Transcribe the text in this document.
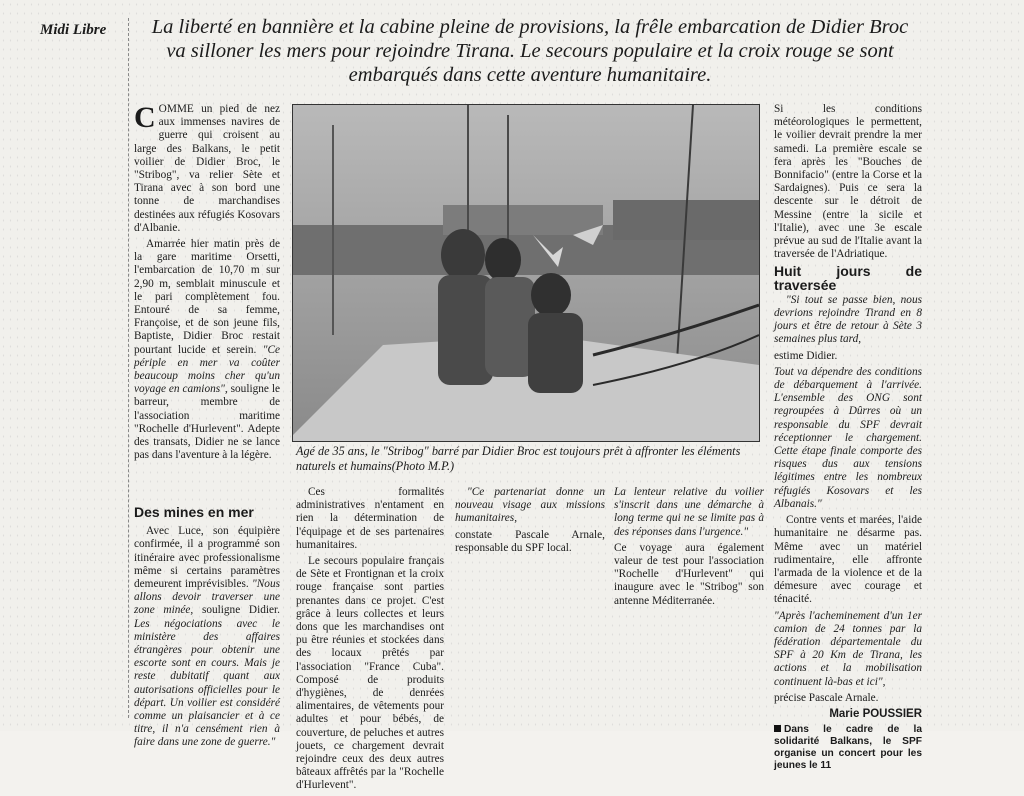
Midi Libre La liberté en bannière et la cabine pleine de provisions, la frêle embarcation de Didier Broc va silloner les mers pour rejoindre Tirana. Le secours populaire et la croix rouge se sont embarqués dans cette aventure humanitaire.

COMME un pied de nez aux immenses navires de guerre qui croisent au large des Balkans, le petit voilier de Didier Broc, le "Stribog", va relier Sète et Tirana avec à son bord une tonne de marchandises destinées aux réfugiés Kosovars d'Albanie.

Amarrée hier matin près de la gare maritime Orsetti, l'embarcation de 10,70 m sur 2,90 m, semblait minuscule et le pari complètement fou. Entouré de sa femme, Françoise, et de son jeune fils, Baptiste, Didier Broc restait pourtant lucide et serein. "Ce périple en mer va coûter beaucoup moins cher qu'un voyage en camions", souligne le barreur, membre de l'association maritime "Rochelle d'Hurlevent". Adepte des transats, Didier ne se lance pas dans l'aventure à la légère.

Des mines en mer

Avec Luce, son équipière confirmée, il a programmé son itinéraire avec professionalisme même si certains paramètres demeurent imprévisibles. "Nous allons devoir traverser une zone minée, souligne Didier. Les négociations avec le ministère des affaires étrangères pour obtenir une escorte sont en cours. Mais je reste dubitatif quant aux autorisations officielles pour le départ. Un voilier est considéré comme un plaisancier et à ce titre, il n'a censément rien à faire dans une zone de guerre."

Agé de 35 ans, le "Stribog" barré par Didier Broc est toujours prêt à affronter les éléments naturels et humains(Photo M.P.)

Ces formalités administratives n'entament en rien la détermination de l'équipage et de ses partenaires humanitaires.

Le secours populaire français de Sète et Frontignan et la croix rouge française sont parties prenantes dans ce projet. C'est grâce à leurs collectes et leurs dons que les marchandises ont pu être réunies et stockées dans des locaux prêtés par l'association "France Cuba". Composé de produits d'hygiènes, de denrées alimentaires, de vêtements pour adultes et pour bébés, de couverture, de peluches et autres jouets, ce chargement devrait rejoindre ceux des deux autres bâteaux affrêtés par la "Rochelle d'Hurlevent".

"Ce partenariat donne un nouveau visage aux missions humanitaires,

constate Pascale Arnale, responsable du SPF local.

La lenteur relative du voilier s'inscrit dans une démarche à long terme qui ne se limite pas à des réponses dans l'urgence."

Ce voyage aura également valeur de test pour l'association "Rochelle d'Hurlevent" qui inaugure avec le "Stribog" son antenne Méditerranée.

Si les conditions météorologiques le permettent, le voilier devrait prendre la mer samedi. La première escale se fera après les "Bouches de Bonnifacio" (entre la Corse et la Sardaignes). Puis ce sera la descente sur le détroit de Messine (entre la sicile et l'Italie), avec une 3e escale prévue au sud de l'Italie avant la traversée de l'Adriatique.

Huit jours de traversée

"Si tout se passe bien, nous devrions rejoindre Tirand en 8 jours et être de retour à Sète 3 semaines plus tard,

estime Didier.

Tout va dépendre des conditions de débarquement à l'arrivée. L'ensemble des ONG sont regroupées à Dûrres où un responsable du SPF devrait réceptionner le chargement. Cette étape finale comporte des risques dus aux tensions légitimes entre les nombreux réfugiés Kosovars et les Albanais."

Contre vents et marées, l'aide humanitaire ne désarme pas. Même avec un matériel rudimentaire, elle affronte l'armada de la violence et de la démesure avec courage et ténacité.

"Après l'acheminement d'un 1er camion de 24 tonnes par la fédération départementale du SPF à 20 Km de Tirana, les actions et la mobilisation continuent là-bas et ici",

précise Pascale Arnale.

Marie POUSSIER
Dans le cadre de la solidarité Balkans, le SPF organise un concert pour les jeunes le 11
